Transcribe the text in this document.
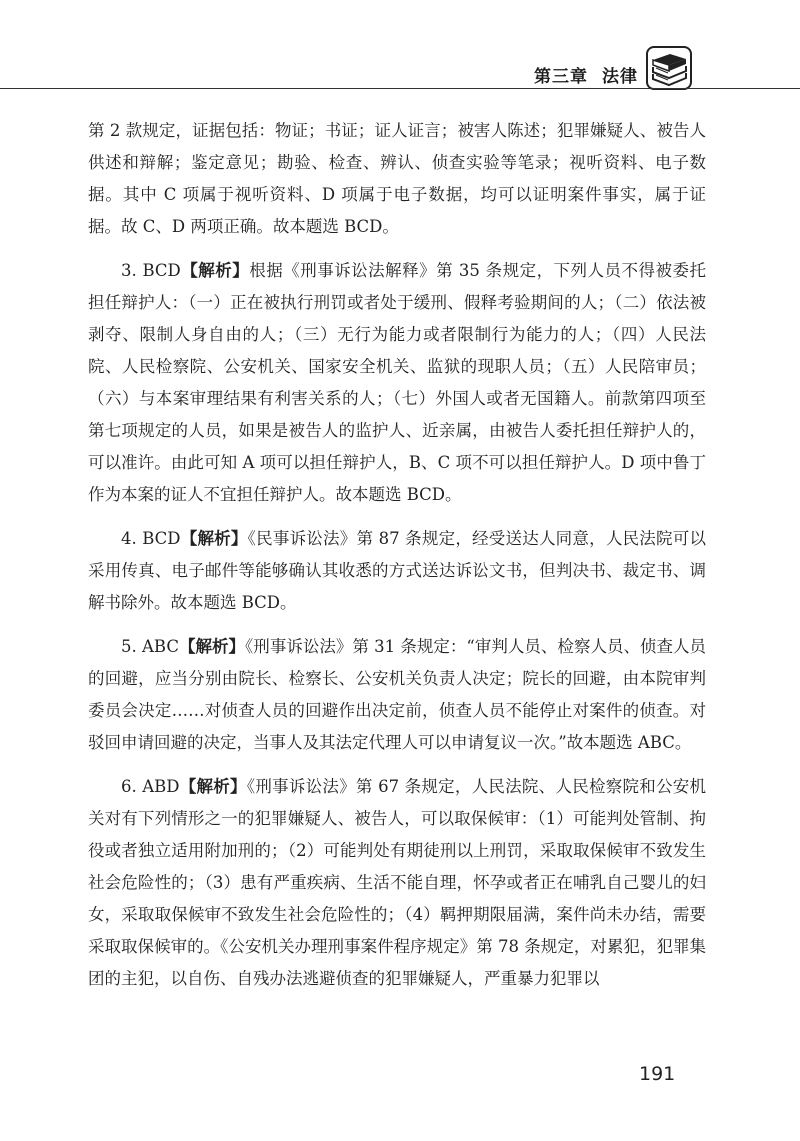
第三章 法律

第 2 款规定，证据包括：物证；书证；证人证言；被害人陈述；犯罪嫌疑人、被告人供述和辩解；鉴定意见；勘验、检查、辨认、侦查实验等笔录；视听资料、电子数据。其中 C 项属于视听资料、D 项属于电子数据，均可以证明案件事实，属于证据。故 C、D 两项正确。故本题选 BCD。

3. BCD【解析】根据《刑事诉讼法解释》第 35 条规定，下列人员不得被委托担任辩护人：（一）正在被执行刑罚或者处于缓刑、假释考验期间的人；（二）依法被剥夺、限制人身自由的人；（三）无行为能力或者限制行为能力的人；（四）人民法院、人民检察院、公安机关、国家安全机关、监狱的现职人员；（五）人民陪审员；（六）与本案审理结果有利害关系的人；（七）外国人或者无国籍人。前款第四项至第七项规定的人员，如果是被告人的监护人、近亲属，由被告人委托担任辩护人的，可以准许。由此可知 A 项可以担任辩护人，B、C 项不可以担任辩护人。D 项中鲁丁作为本案的证人不宜担任辩护人。故本题选 BCD。

4. BCD【解析】《民事诉讼法》第 87 条规定，经受送达人同意，人民法院可以采用传真、电子邮件等能够确认其收悉的方式送达诉讼文书，但判决书、裁定书、调解书除外。故本题选 BCD。

5. ABC【解析】《刑事诉讼法》第 31 条规定：“审判人员、检察人员、侦查人员的回避，应当分别由院长、检察长、公安机关负责人决定；院长的回避，由本院审判委员会决定……对侦查人员的回避作出决定前，侦查人员不能停止对案件的侦查。对驳回申请回避的决定，当事人及其法定代理人可以申请复议一次。”故本题选 ABC。

6. ABD【解析】《刑事诉讼法》第 67 条规定，人民法院、人民检察院和公安机关对有下列情形之一的犯罪嫌疑人、被告人，可以取保候审：（1）可能判处管制、拘役或者独立适用附加刑的；（2）可能判处有期徒刑以上刑罚，采取取保候审不致发生社会危险性的；（3）患有严重疾病、生活不能自理，怀孕或者正在哺乳自己婴儿的妇女，采取取保候审不致发生社会危险性的；（4）羁押期限届满，案件尚未办结，需要采取取保候审的。《公安机关办理刑事案件程序规定》第 78 条规定，对累犯，犯罪集团的主犯，以自伤、自残办法逃避侦查的犯罪嫌疑人，严重暴力犯罪以

191
